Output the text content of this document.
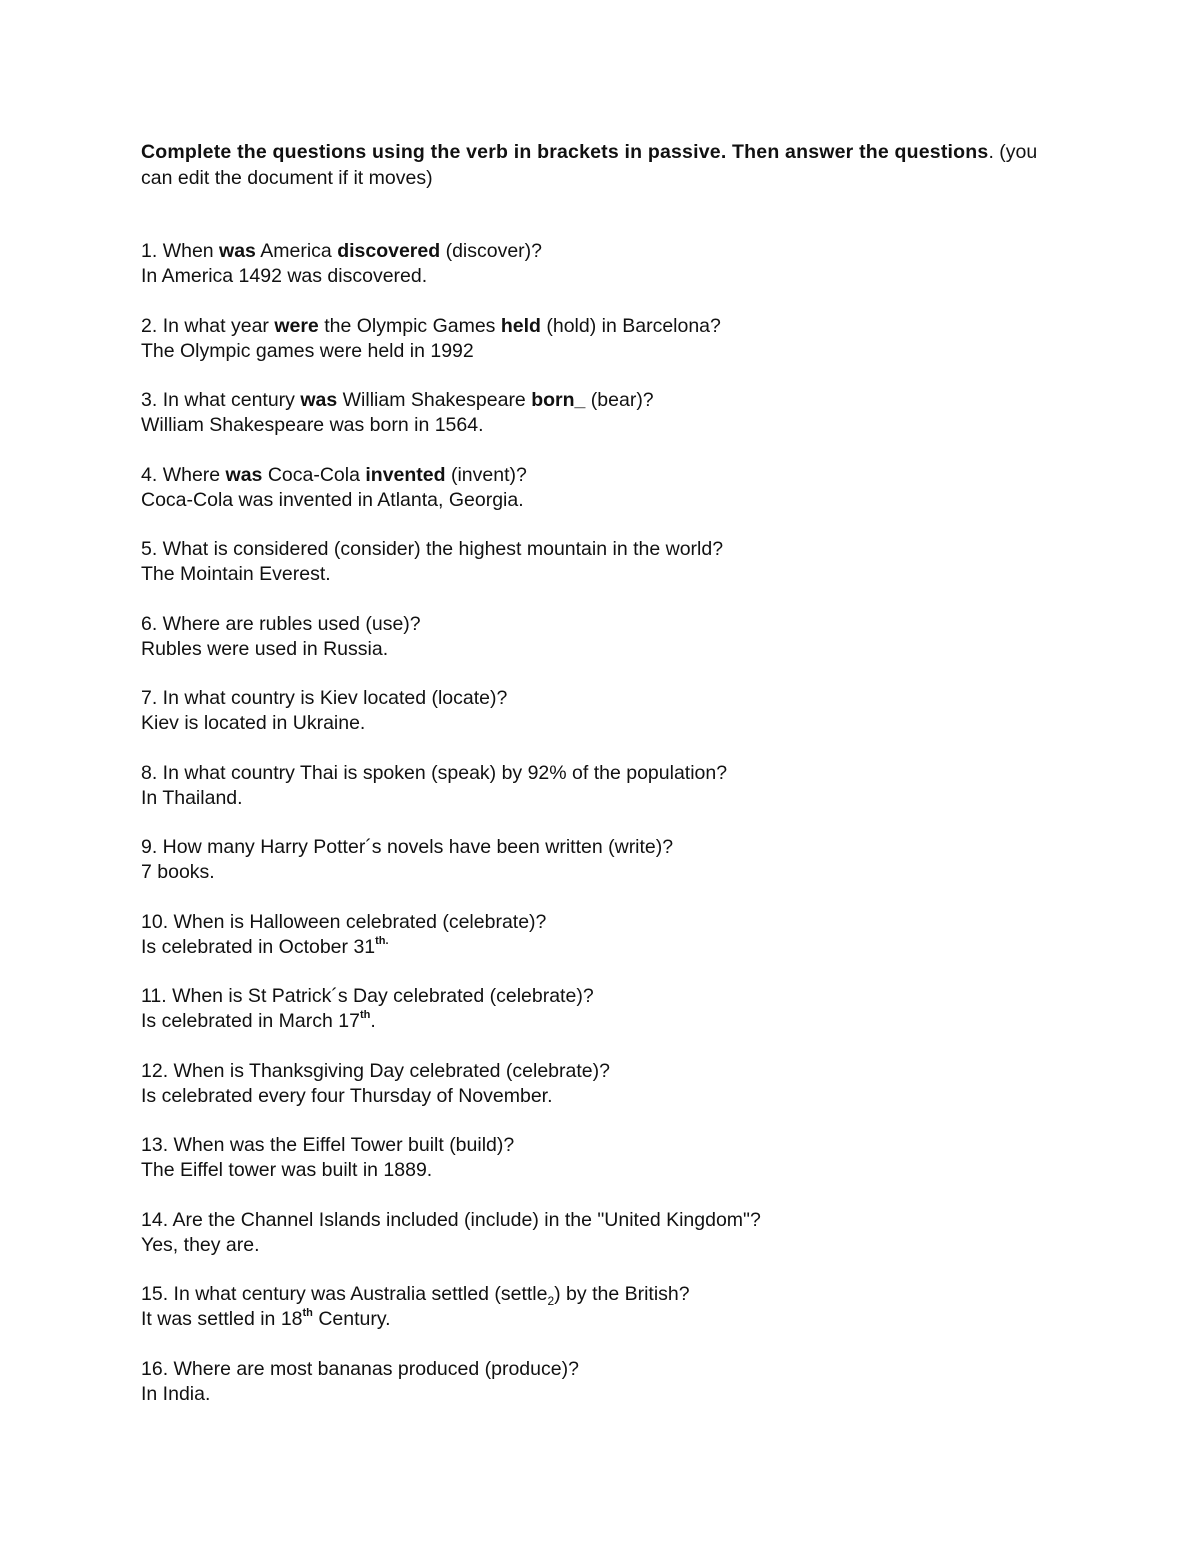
Complete the questions using the verb in brackets in passive. Then answer the questions. (you can edit the document if it moves)

1. When was America discovered (discover)?

In America 1492 was discovered.

2. In what year were the Olympic Games held (hold) in Barcelona?

The Olympic games were held in 1992

3. In what century was William Shakespeare born_ (bear)?

William Shakespeare was born in 1564.

4. Where was Coca-Cola invented (invent)?

Coca-Cola was invented in Atlanta, Georgia.

5. What is considered (consider) the highest mountain in the world?

The Mointain Everest.

6. Where are rubles used (use)?

Rubles were used in Russia.

7. In what country is Kiev located (locate)?

Kiev is located in Ukraine.

8. In what country Thai is spoken (speak) by 92% of the population?

In Thailand.

9. How many Harry Potter´s novels have been written (write)?

7 books.

10. When is Halloween celebrated (celebrate)?

Is celebrated in October $31^{th.}$

11. When is St Patrick´s Day celebrated (celebrate)?

Is celebrated in March 17th.

12. When is Thanksgiving Day celebrated (celebrate)?

Is celebrated every four Thursday of November.

13. When was the Eiffel Tower built (build)?

The Eiffel tower was built in 1889.

14. Are the Channel Islands included (include) in the "United Kingdom"?

Yes, they are.

15. In what century was Australia settled (settle$_2$) by the British?

It was settled in 18th Century.

16. Where are most bananas produced (produce)?

In India.
